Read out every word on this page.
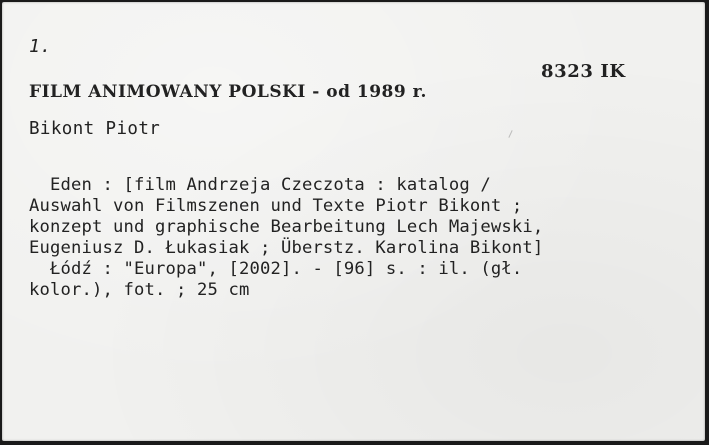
1.
8323 IK
FILM ANIMOWANY POLSKI - od 1989 r.
Bikont Piotr
Eden : [film Andrzeja Czeczota : katalog /
Auswahl von Filmszenen und Texte Piotr Bikont ;
konzept und graphische Bearbeitung Lech Majewski,
Eugeniusz D. Łukasiak ; Überstz. Karolina Bikont]
Łódź : "Europa", [2002]. - [96] s. : il. (gł.
kolor.), fot. ; 25 cm
